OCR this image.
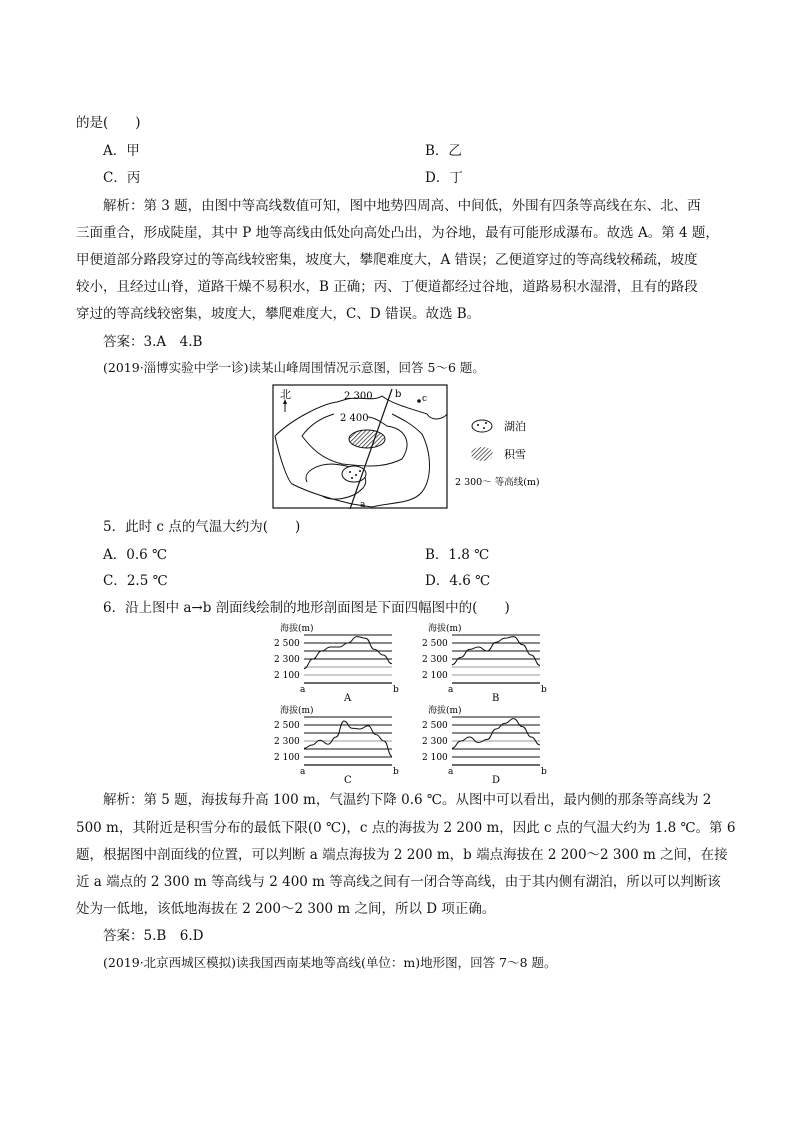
的是(　　)
A．甲	B．乙
C．丙	D．丁
解析：第 3 题，由图中等高线数值可知，图中地势四周高、中间低，外围有四条等高线在东、北、西
三面重合，形成陡崖，其中 P 地等高线由低处向高处凸出，为谷地，最有可能形成瀑布。故选 A。第 4 题，
甲便道部分路段穿过的等高线较密集，坡度大，攀爬难度大，A 错误；乙便道穿过的等高线较稀疏，坡度
较小，且经过山脊，道路干燥不易积水，B 正确；丙、丁便道都经过谷地，道路易积水湿滑，且有的路段
穿过的等高线较密集，坡度大，攀爬难度大，C、D 错误。故选 B。
答案：3.A　4.B
(2019·淄博实验中学一诊)读某山峰周围情况示意图，回答 5～6 题。
北	2 300
2 400
b c
a
湖泊
积雪
2 300～ 等高线(m)
5．此时 c 点的气温大约为(　　)
A．0.6 ℃	B．1.8 ℃
C．2.5 ℃	D．4.6 ℃
6．沿上图中 a→b 剖面线绘制的地形剖面图是下面四幅图中的(　　)
海拔(m)
2 500
2 300
2 100
a	b
A
海拔(m)
2 500
2 300
2 100
a	b
B
海拔(m)
2 500
2 300
2 100
a	b
C
海拔(m)
2 500
2 300
2 100
a	b
D
解析：第 5 题，海拔每升高 100 m，气温约下降 0.6 ℃。从图中可以看出，最内侧的那条等高线为 2
500 m，其附近是积雪分布的最低下限(0 ℃)，c 点的海拔为 2 200 m，因此 c 点的气温大约为 1.8 ℃。第 6
题，根据图中剖面线的位置，可以判断 a 端点海拔为 2 200 m，b 端点海拔在 2 200～2 300 m 之间，在接
近 a 端点的 2 300 m 等高线与 2 400 m 等高线之间有一闭合等高线，由于其内侧有湖泊，所以可以判断该
处为一低地，该低地海拔在 2 200～2 300 m 之间，所以 D 项正确。
答案：5.B　6.D
(2019·北京西城区模拟)读我国西南某地等高线(单位：m)地形图，回答 7～8 题。
